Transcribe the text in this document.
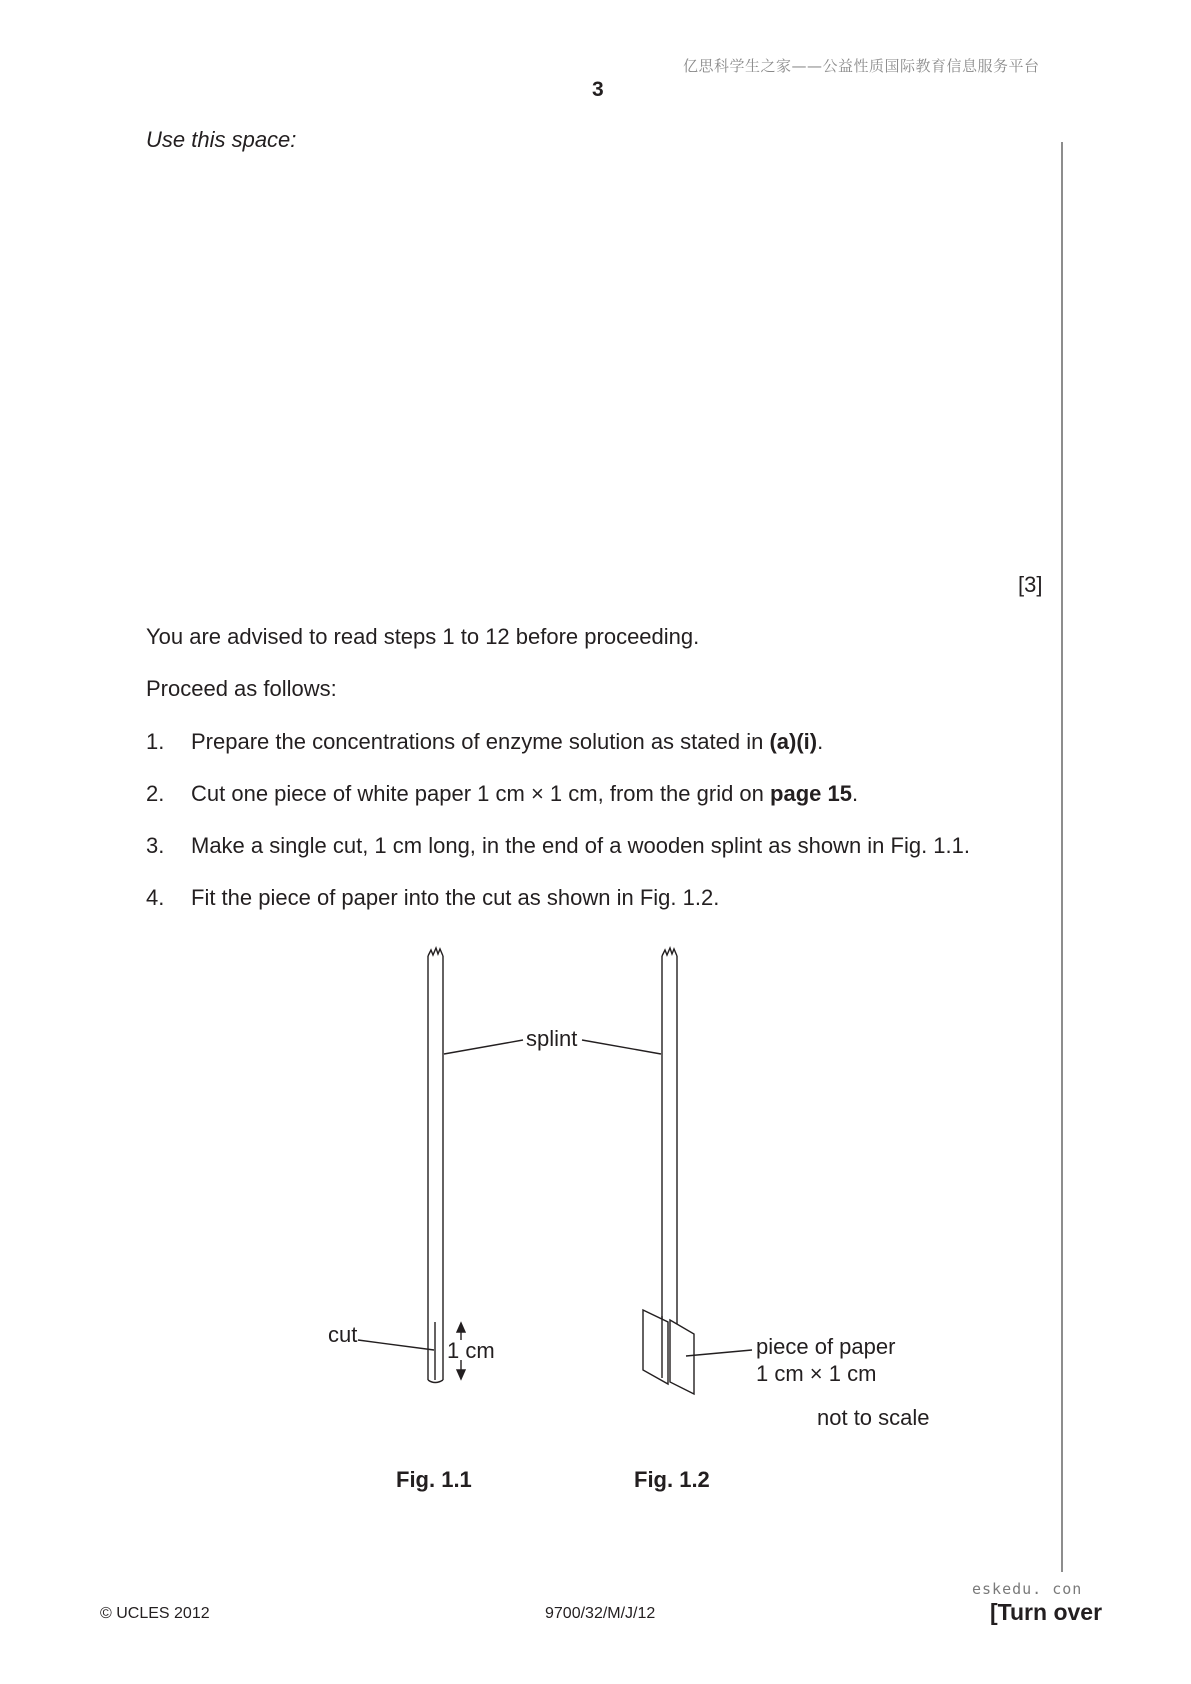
亿思科学生之家——公益性质国际教育信息服务平台
3
Use this space:
[3]
You are advised to read steps 1 to 12 before proceeding.
Proceed as follows:
1. Prepare the concentrations of enzyme solution as stated in (a)(i).
2. Cut one piece of white paper 1 cm × 1 cm, from the grid on page 15.
3. Make a single cut, 1 cm long, in the end of a wooden splint as shown in Fig. 1.1.
4. Fit the piece of paper into the cut as shown in Fig. 1.2.
splint
cut
1 cm	piece of paper
1 cm × 1 cm
not to scale
Fig. 1.1	Fig. 1.2
eskedu. con
© UCLES 2012	9700/32/M/J/12	[Turn over
